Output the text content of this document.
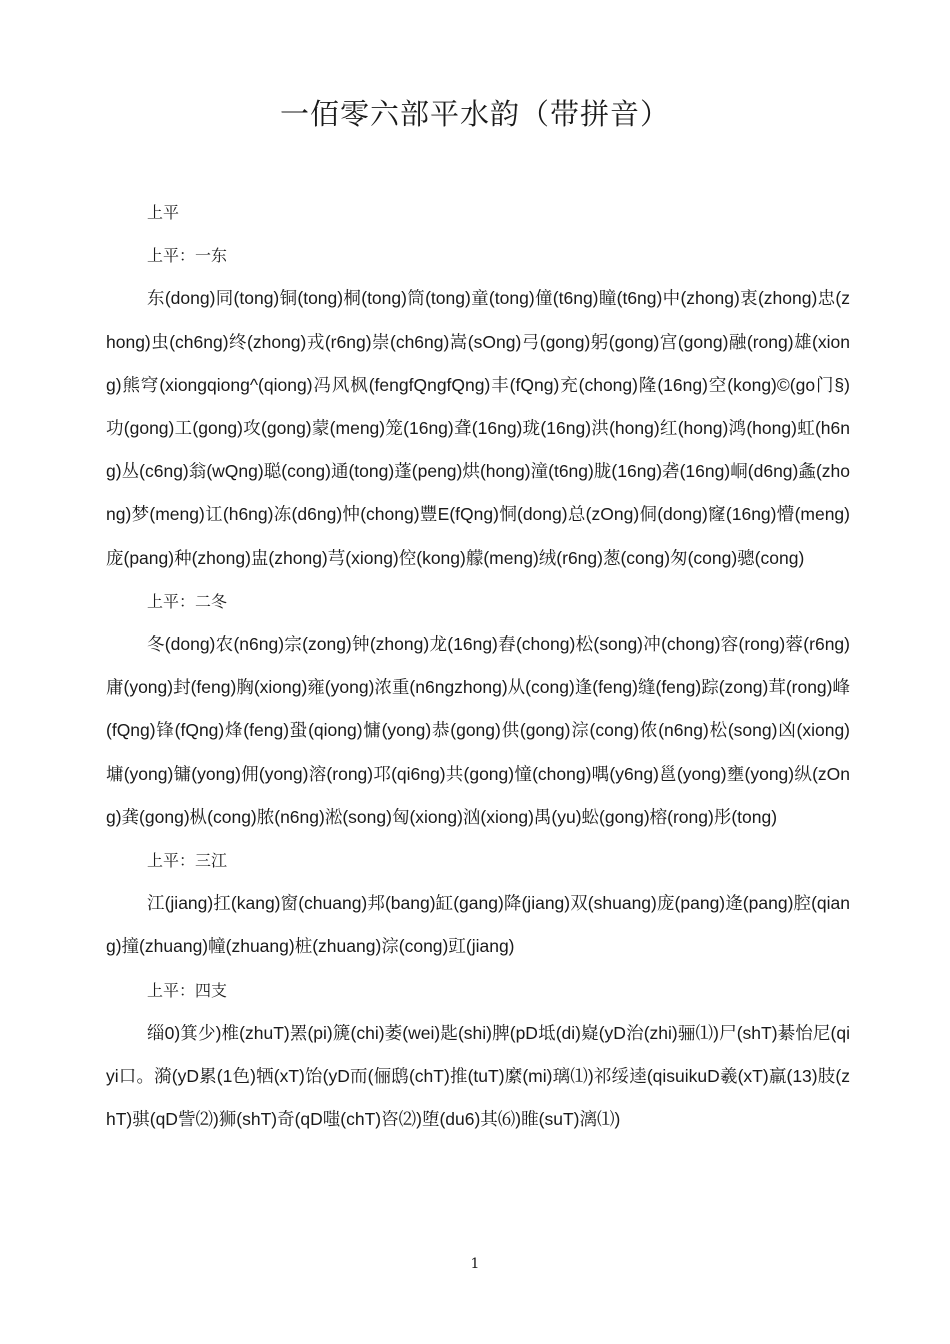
一佰零六部平水韵（带拼音）

上平

上平：一东

东(dong)同(tong)铜(tong)桐(tong)筒(tong)童(tong)僮(t6ng)瞳(t6ng)中(zhong)衷(zhong)忠(zhong)虫(ch6ng)终(zhong)戎(r6ng)崇(ch6ng)嵩(sOng)弓(gong)躬(gong)宫(gong)融(rong)雄(xiong)熊穹(xiongqiong^(qiong)冯风枫(fengfQngfQng)丰(fQng)充(chong)隆(16ng)空(kong)©(go门§)功(gong)工(gong)攻(gong)蒙(meng)笼(16ng)聋(16ng)珑(16ng)洪(hong)红(hong)鸿(hong)虹(h6ng)丛(c6ng)翁(wQng)聪(cong)通(tong)蓬(peng)烘(hong)潼(t6ng)胧(16ng)砻(16ng)峒(d6ng)螽(zhong)梦(meng)讧(h6ng)冻(d6ng)忡(chong)豐E(fQng)恫(dong)总(zOng)侗(dong)窿(16ng)懵(meng)庞(pang)种(zhong)盅(zhong)芎(xiong)倥(kong)艨(meng)绒(r6ng)葱(cong)匆(cong)骢(cong)

上平：二冬

冬(dong)农(n6ng)宗(zong)钟(zhong)龙(16ng)舂(chong)松(song)冲(chong)容(rong)蓉(r6ng)庸(yong)封(feng)胸(xiong)雍(yong)浓重(n6ngzhong)从(cong)逢(feng)缝(feng)踪(zong)茸(rong)峰(fQng)锋(fQng)烽(feng)蛩(qiong)慵(yong)恭(gong)供(gong)淙(cong)侬(n6ng)松(song)凶(xiong)墉(yong)镛(yong)佣(yong)溶(rong)邛(qi6ng)共(gong)憧(chong)喁(y6ng)邕(yong)壅(yong)纵(zOng)龚(gong)枞(cong)脓(n6ng)淞(song)匈(xiong)汹(xiong)禺(yu)蚣(gong)榕(rong)彤(tong)

上平：三江

江(jiang)扛(kang)窗(chuang)邦(bang)缸(gang)降(jiang)双(shuang)庞(pang)逄(pang)腔(qiang)撞(zhuang)幢(zhuang)桩(zhuang)淙(cong)豇(jiang)

上平：四支

缁0)箕少)椎(zhuT)罴(pi)篪(chi)萎(wei)匙(shi)脾(pD坻(di)嶷(yD治(zhi)骊⑴)尸(shT)綦怡尼(qiyi口。漪(yD累(1色)牺(xT)饴(yD而(俪鸱(chT)推(tuT)縻(mi)璃⑴)祁绥逵(qisuikuD羲(xT)羸(13)肢(zhT)骐(qD訾⑵)狮(shT)奇(qD嗤(chT)咨⑵)堕(du6)其⑹)睢(suT)漓⑴)

1
